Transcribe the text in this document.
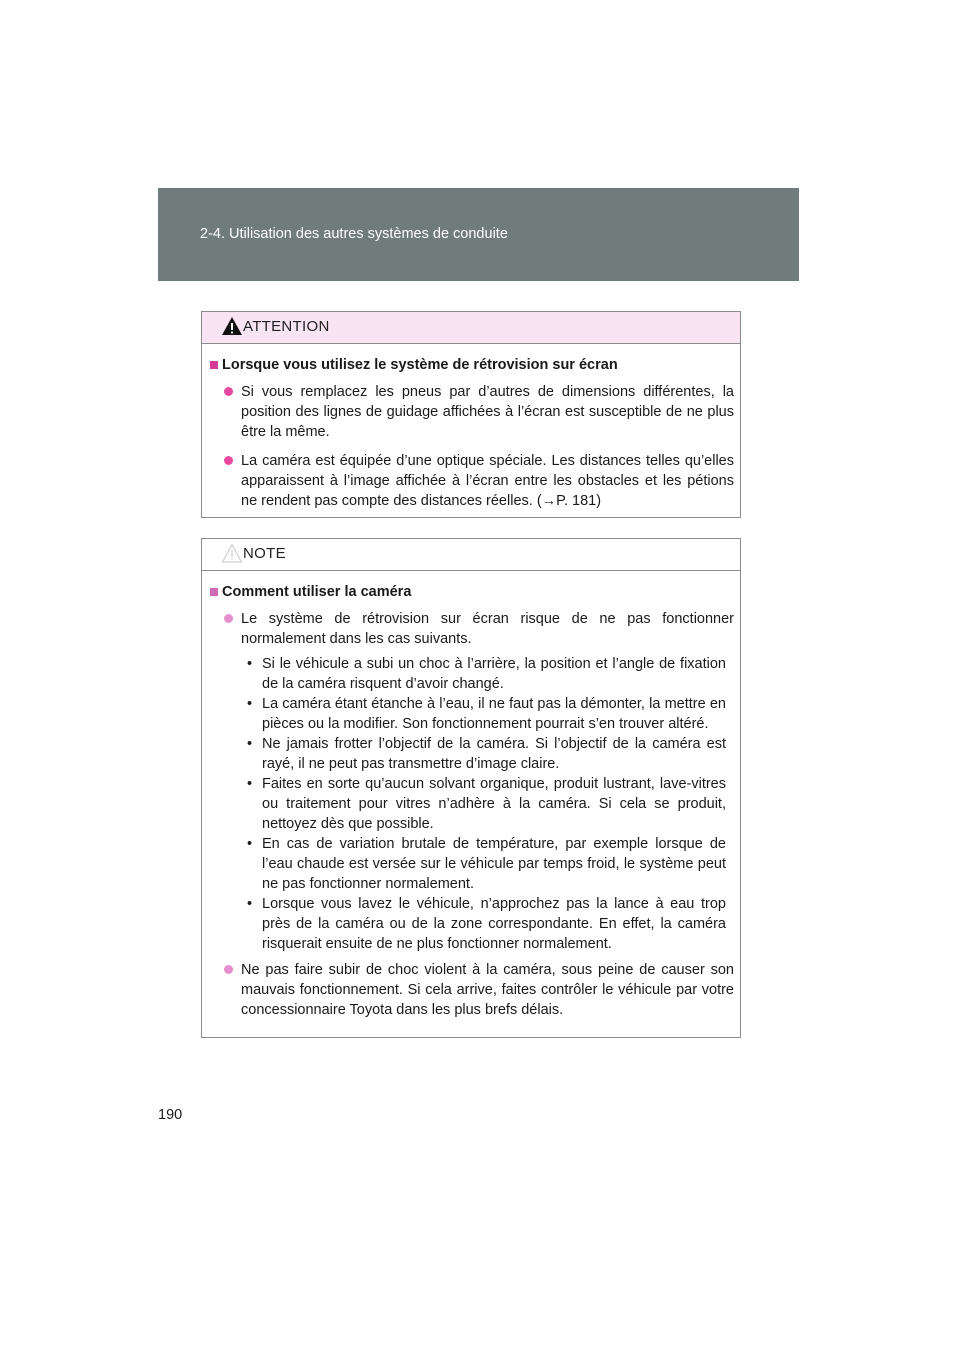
2-4. Utilisation des autres systèmes de conduite
ATTENTION
Lorsque vous utilisez le système de rétrovision sur écran
Si vous remplacez les pneus par d’autres de dimensions différentes, la position des lignes de guidage affichées à l’écran est susceptible de ne plus être la même.
La caméra est équipée d’une optique spéciale. Les distances telles qu’elles apparaissent à l’image affichée à l’écran entre les obstacles et les pétions ne rendent pas compte des distances réelles. (→P. 181)
NOTE
Comment utiliser la caméra
Le système de rétrovision sur écran risque de ne pas fonctionner normalement dans les cas suivants.
• Si le véhicule a subi un choc à l’arrière, la position et l’angle de fixation de la caméra risquent d’avoir changé.
• La caméra étant étanche à l’eau, il ne faut pas la démonter, la mettre en pièces ou la modifier. Son fonctionnement pourrait s’en trouver altéré.
• Ne jamais frotter l’objectif de la caméra. Si l’objectif de la caméra est rayé, il ne peut pas transmettre d’image claire.
• Faites en sorte qu’aucun solvant organique, produit lustrant, lave-vitres ou traitement pour vitres n’adhère à la caméra. Si cela se produit, nettoyez dès que possible.
• En cas de variation brutale de température, par exemple lorsque de l’eau chaude est versée sur le véhicule par temps froid, le système peut ne pas fonctionner normalement.
• Lorsque vous lavez le véhicule, n’approchez pas la lance à eau trop près de la caméra ou de la zone correspondante. En effet, la caméra risquerait ensuite de ne plus fonctionner normalement.
Ne pas faire subir de choc violent à la caméra, sous peine de causer son mauvais fonctionnement. Si cela arrive, faites contrôler le véhicule par votre concessionnaire Toyota dans les plus brefs délais.
190
